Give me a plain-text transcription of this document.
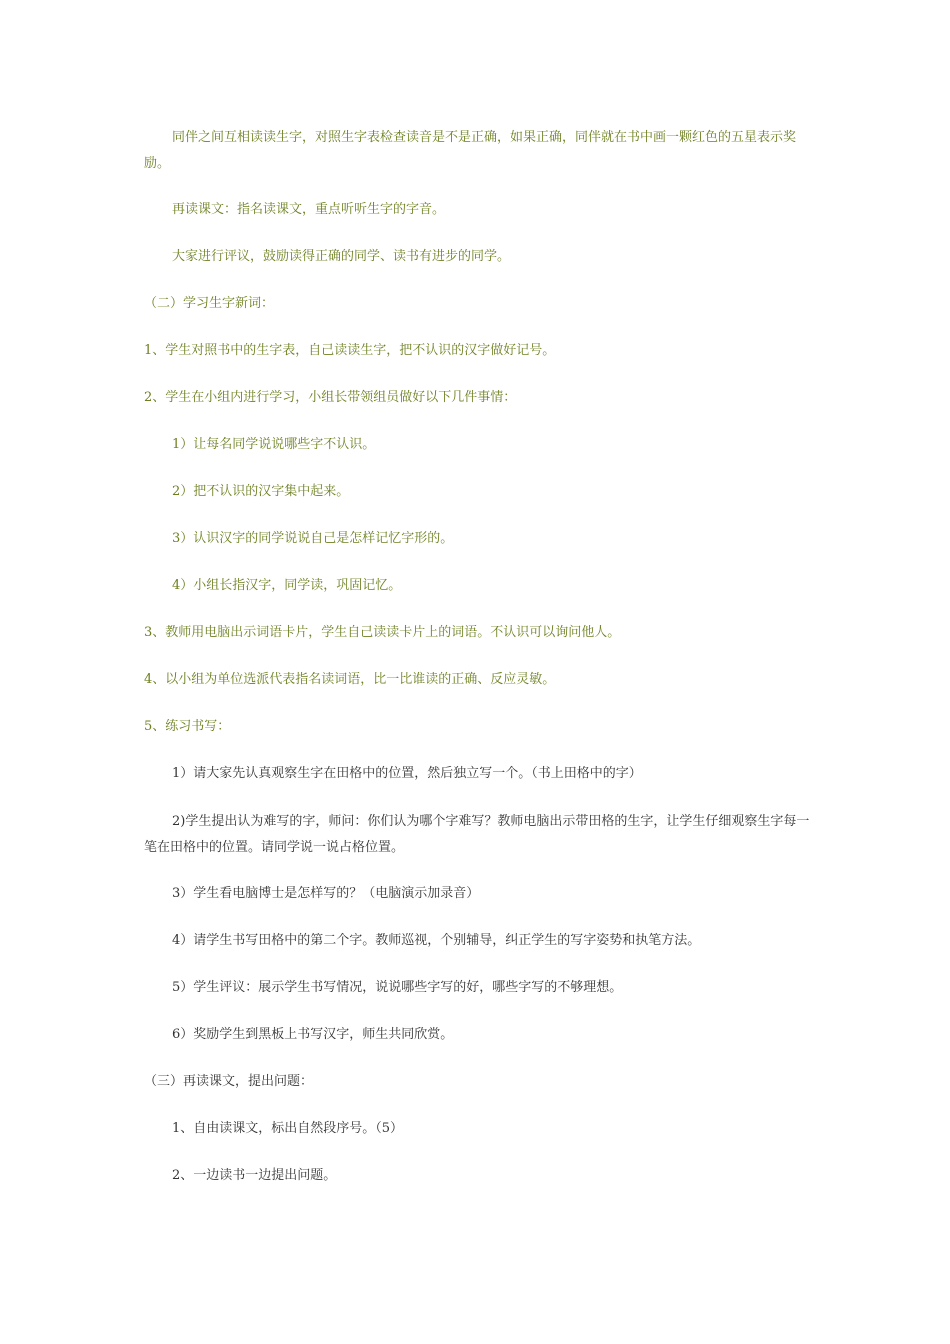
同伴之间互相读读生字，对照生字表检查读音是不是正确，如果正确，同伴就在书中画一颗红色的五星表示奖励。

再读课文：指名读课文，重点听听生字的字音。

大家进行评议，鼓励读得正确的同学、读书有进步的同学。

（二）学习生字新词：

1、学生对照书中的生字表，自己读读生字，把不认识的汉字做好记号。

2、学生在小组内进行学习，小组长带领组员做好以下几件事情：

1）让每名同学说说哪些字不认识。

2）把不认识的汉字集中起来。

3）认识汉字的同学说说自己是怎样记忆字形的。

4）小组长指汉字，同学读，巩固记忆。

3、教师用电脑出示词语卡片，学生自己读读卡片上的词语。不认识可以询问他人。

4、以小组为单位选派代表指名读词语，比一比谁读的正确、反应灵敏。

5、练习书写：

1）请大家先认真观察生字在田格中的位置，然后独立写一个。（书上田格中的字）

2)学生提出认为难写的字，师问：你们认为哪个字难写？教师电脑出示带田格的生字，让学生仔细观察生字每一笔在田格中的位置。请同学说一说占格位置。

3）学生看电脑博士是怎样写的？（电脑演示加录音）

4）请学生书写田格中的第二个字。教师巡视，个别辅导，纠正学生的写字姿势和执笔方法。

5）学生评议：展示学生书写情况，说说哪些字写的好，哪些字写的不够理想。

6）奖励学生到黑板上书写汉字，师生共同欣赏。

（三）再读课文，提出问题：

1、自由读课文，标出自然段序号。（5）

2、一边读书一边提出问题。
